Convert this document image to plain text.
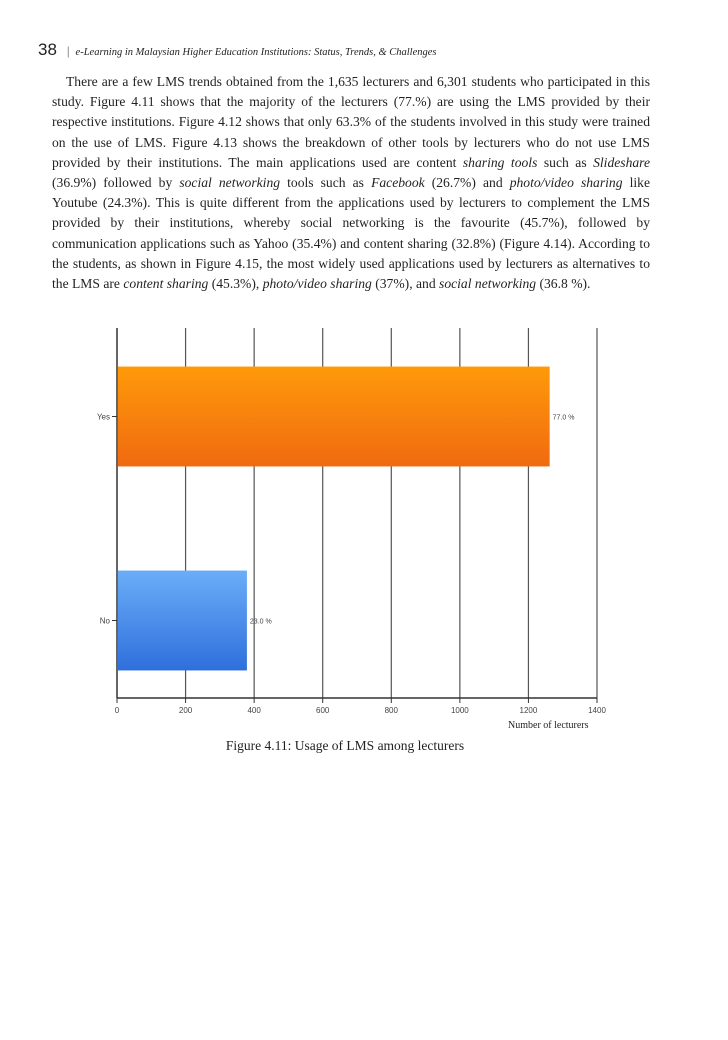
38 | e-Learning in Malaysian Higher Education Institutions: Status, Trends, & Challenges

There are a few LMS trends obtained from the 1,635 lecturers and 6,301 students who participated in this study. Figure 4.11 shows that the majority of the lecturers (77.%) are using the LMS provided by their respective institutions. Figure 4.12 shows that only 63.3% of the students involved in this study were trained on the use of LMS. Figure 4.13 shows the breakdown of other tools by lecturers who do not use LMS provided by their institutions. The main applications used are content sharing tools such as Slideshare (36.9%) followed by social networking tools such as Facebook (26.7%) and photo/video sharing like Youtube (24.3%). This is quite different from the applications used by lecturers to complement the LMS provided by their institutions, whereby social networking is the favourite (45.7%), followed by communication applications such as Yahoo (35.4%) and content sharing (32.8%) (Figure 4.14). According to the students, as shown in Figure 4.15, the most widely used applications used by lecturers as alternatives to the LMS are content sharing (45.3%), photo/video sharing (37%), and social networking (36.8 %).

0	200	400	600	800	1000	1200	1400
Yes	77.0 %
No	23.0 %
Number of lecturers
Figure 4.11: Usage of LMS among lecturers
